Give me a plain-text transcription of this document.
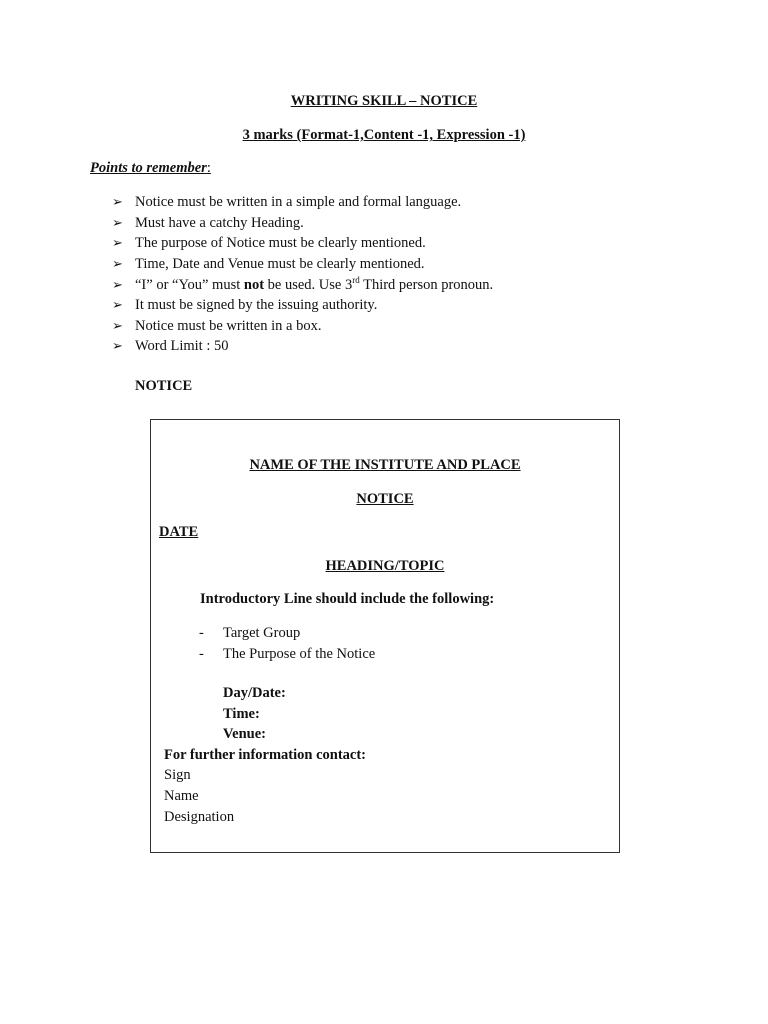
WRITING SKILL – NOTICE
3 marks (Format-1,Content -1, Expression -1)
Points to remember:
➢ Notice must be written in a simple and formal language.
➢ Must have a catchy Heading.
➢ The purpose of Notice must be clearly mentioned.
➢ Time, Date and Venue must be clearly mentioned.
➢ “I” or “You” must not be used. Use 3rd Third person pronoun.
➢ It must be signed by the issuing authority.
➢ Notice must be written in a box.
➢ Word Limit : 50
NOTICE
NAME OF THE INSTITUTE AND PLACE
NOTICE
DATE
HEADING/TOPIC
Introductory Line should include the following:
- Target Group
- The Purpose of the Notice
Day/Date:
Time:
Venue:
For further information contact:
Sign
Name
Designation
